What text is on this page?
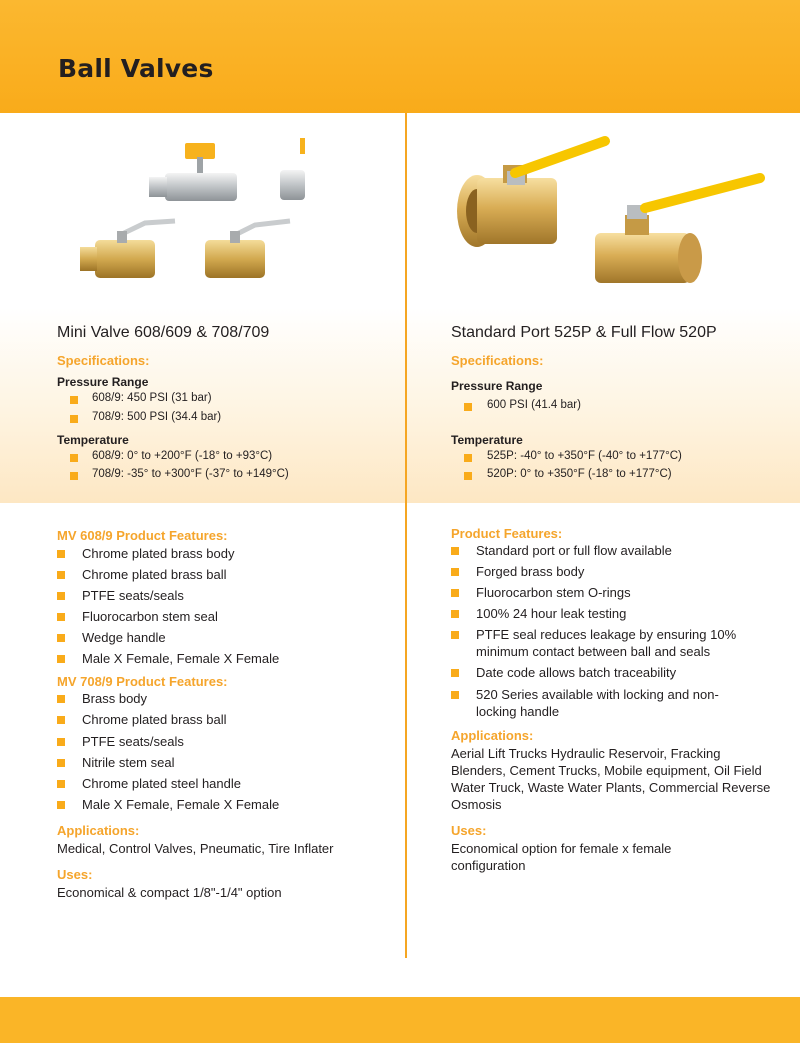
Ball Valves
Mini Valve 608/609 & 708/709
Specifications:
Pressure Range
608/9: 450 PSI (31 bar)
708/9: 500 PSI (34.4 bar)
Temperature
608/9: 0° to +200°F (-18° to +93°C)
708/9: -35° to +300°F (-37° to +149°C)
MV 608/9 Product Features:
Chrome plated brass body
Chrome plated brass ball
PTFE seats/seals
Fluorocarbon stem seal
Wedge handle
Male X Female, Female X Female
MV 708/9 Product Features:
Brass body
Chrome plated brass ball
PTFE seats/seals
Nitrile stem seal
Chrome plated steel handle
Male X Female, Female X Female
Applications:
Medical, Control Valves, Pneumatic, Tire Inflater
Uses:
Economical & compact 1/8"-1/4" option
Standard Port 525P & Full Flow 520P
Specifications:
Pressure Range
600 PSI (41.4 bar)
Temperature
525P: -40° to +350°F (-40° to +177°C)
520P: 0° to +350°F (-18° to +177°C)
Product Features:
Standard port or full flow available
Forged brass body
Fluorocarbon stem O-rings
100% 24 hour leak testing
PTFE seal reduces leakage by ensuring 10% minimum contact between ball and seals
Date code allows batch traceability
520 Series available with locking and non-locking handle
Applications:
Aerial Lift Trucks Hydraulic Reservoir, Fracking Blenders, Cement Trucks, Mobile equipment, Oil Field Water Truck, Waste Water Plants, Commercial Reverse Osmosis
Uses:
Economical option for female x female configuration
